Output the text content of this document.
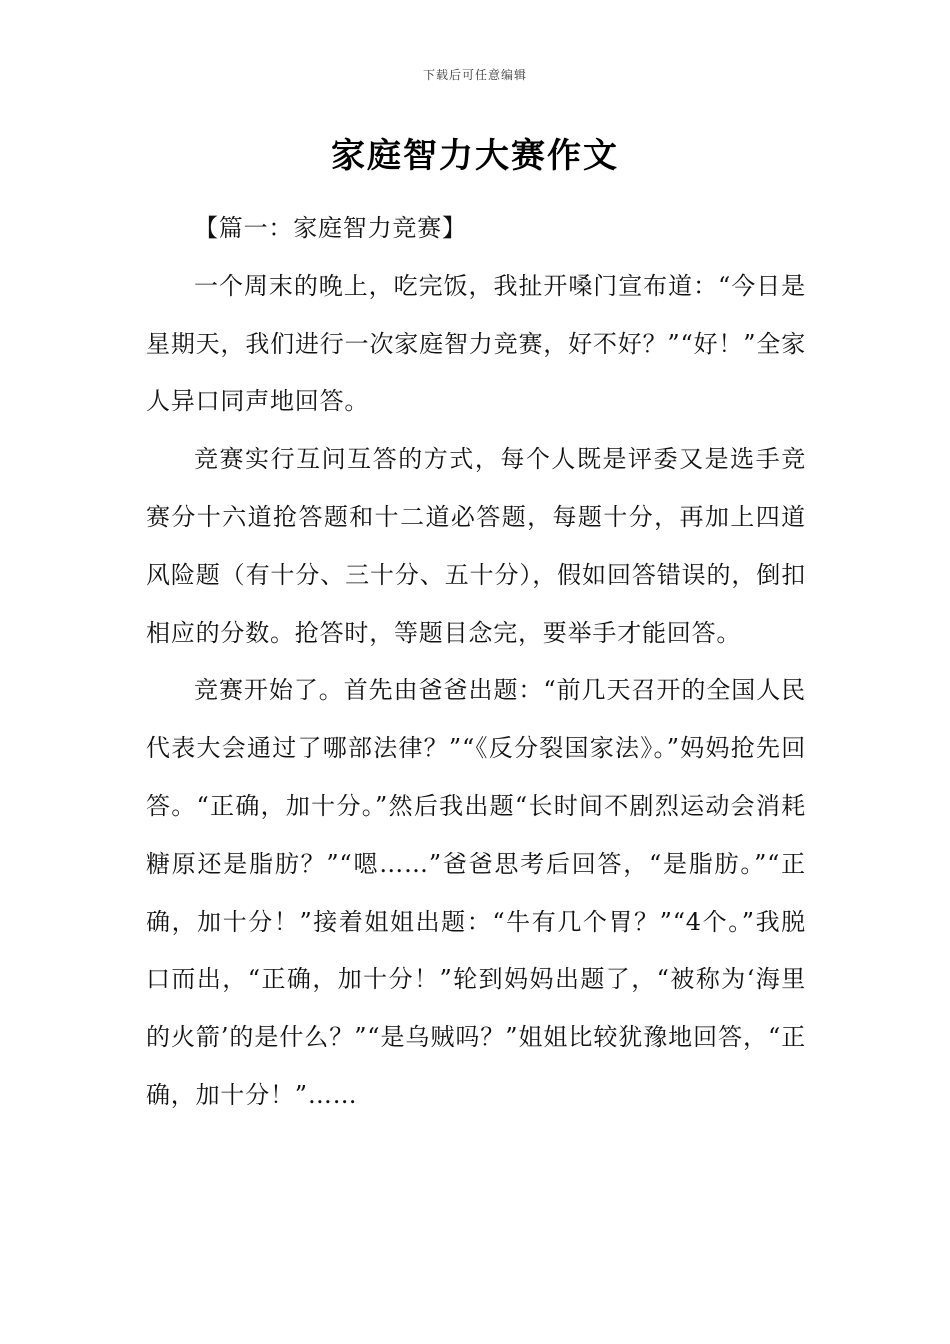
下载后可任意编辑
家庭智力大赛作文

【篇一：家庭智力竞赛】

一个周末的晚上，吃完饭，我扯开嗓门宣布道：“今日是星期天，我们进行一次家庭智力竞赛，好不好？”“好！”全家人异口同声地回答。

竞赛实行互问互答的方式，每个人既是评委又是选手竞赛分十六道抢答题和十二道必答题，每题十分，再加上四道风险题（有十分、三十分、五十分），假如回答错误的，倒扣相应的分数。抢答时，等题目念完，要举手才能回答。

竞赛开始了。首先由爸爸出题：“前几天召开的全国人民代表大会通过了哪部法律？”“《反分裂国家法》。”妈妈抢先回答。“正确，加十分。”然后我出题“长时间不剧烈运动会消耗糖原还是脂肪？”“嗯……”爸爸思考后回答，“是脂肪。”“正确，加十分！”接着姐姐出题：“牛有几个胃？”“4个。”我脱口而出，“正确，加十分！”轮到妈妈出题了，“被称为‘海里的火箭’的是什么？”“是乌贼吗？”姐姐比较犹豫地回答，“正确，加十分！”……
